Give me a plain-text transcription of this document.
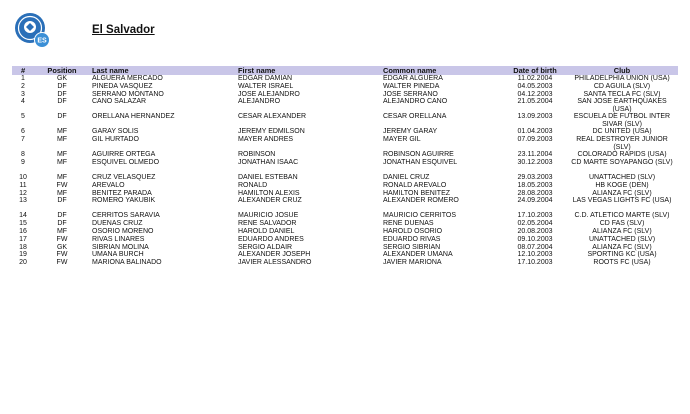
ES
El Salvador
#	Position	Last name	First name	Common name	Date of birth	Club
1	GK	ALGUERA MERCADO	EDGAR DAMIAN	EDGAR ALGUERA	11.02.2004	PHILADELPHIA UNION (USA)
2	DF	PINEDA VASQUEZ	WALTER ISRAEL	WALTER PINEDA	04.05.2003	CD AGUILA (SLV)
3	DF	SERRANO MONTANO	JOSE ALEJANDRO	JOSE SERRANO	04.12.2003	SANTA TECLA FC (SLV)
4	DF	CANO SALAZAR	ALEJANDRO	ALEJANDRO CANO	21.05.2004	SAN JOSE EARTHQUAKES (USA)
5	DF	ORELLANA HERNANDEZ	CESAR ALEXANDER	CESAR ORELLANA	13.09.2003	ESCUELA DE FUTBOL INTER SIVAR (SLV)
6	MF	GARAY SOLIS	JEREMY EDMILSON	JEREMY GARAY	01.04.2003	DC UNITED (USA)
7	MF	GIL HURTADO	MAYER ANDRES	MAYER GIL	07.09.2003	REAL DESTROYER JUNIOR (SLV)
8	MF	AGUIRRE ORTEGA	ROBINSON	ROBINSON AGUIRRE	23.11.2004	COLORADO RAPIDS (USA)
9	MF	ESQUIVEL OLMEDO	JONATHAN ISAAC	JONATHAN ESQUIVEL	30.12.2003	CD MARTE SOYAPANGO (SLV)
10	MF	CRUZ VELASQUEZ	DANIEL ESTEBAN	DANIEL CRUZ	29.03.2003	UNATTACHED (SLV)
11	FW	AREVALO	RONALD	RONALD AREVALO	18.05.2003	HB KOGE (DEN)
12	MF	BENITEZ PARADA	HAMILTON ALEXIS	HAMILTON BENITEZ	28.08.2003	ALIANZA FC (SLV)
13	DF	ROMERO YAKUBIK	ALEXANDER CRUZ	ALEXANDER ROMERO	24.09.2004	LAS VEGAS LIGHTS FC (USA)
14	DF	CERRITOS SARAVIA	MAURICIO JOSUE	MAURICIO CERRITOS	17.10.2003	C.D. ATLETICO MARTE (SLV)
15	DF	DUEÑAS CRUZ	RENE SALVADOR	RENE DUEÑAS	02.05.2004	CD FAS (SLV)
16	MF	OSORIO MORENO	HAROLD DANIEL	HAROLD OSORIO	20.08.2003	ALIANZA FC (SLV)
17	FW	RIVAS LINARES	EDUARDO ANDRES	EDUARDO RIVAS	09.10.2003	UNATTACHED (SLV)
18	GK	SIBRIAN MOLINA	SERGIO ALDAIR	SERGIO SIBRIAN	08.07.2004	ALIANZA FC (SLV)
19	FW	UMAÑA BURCH	ALEXANDER JOSEPH	ALEXANDER UMAÑA	12.10.2003	SPORTING KC (USA)
20	FW	MARIONA BALINADO	JAVIER ALESSANDRO	JAVIER MARIONA	17.10.2003	ROOTS FC (USA)
